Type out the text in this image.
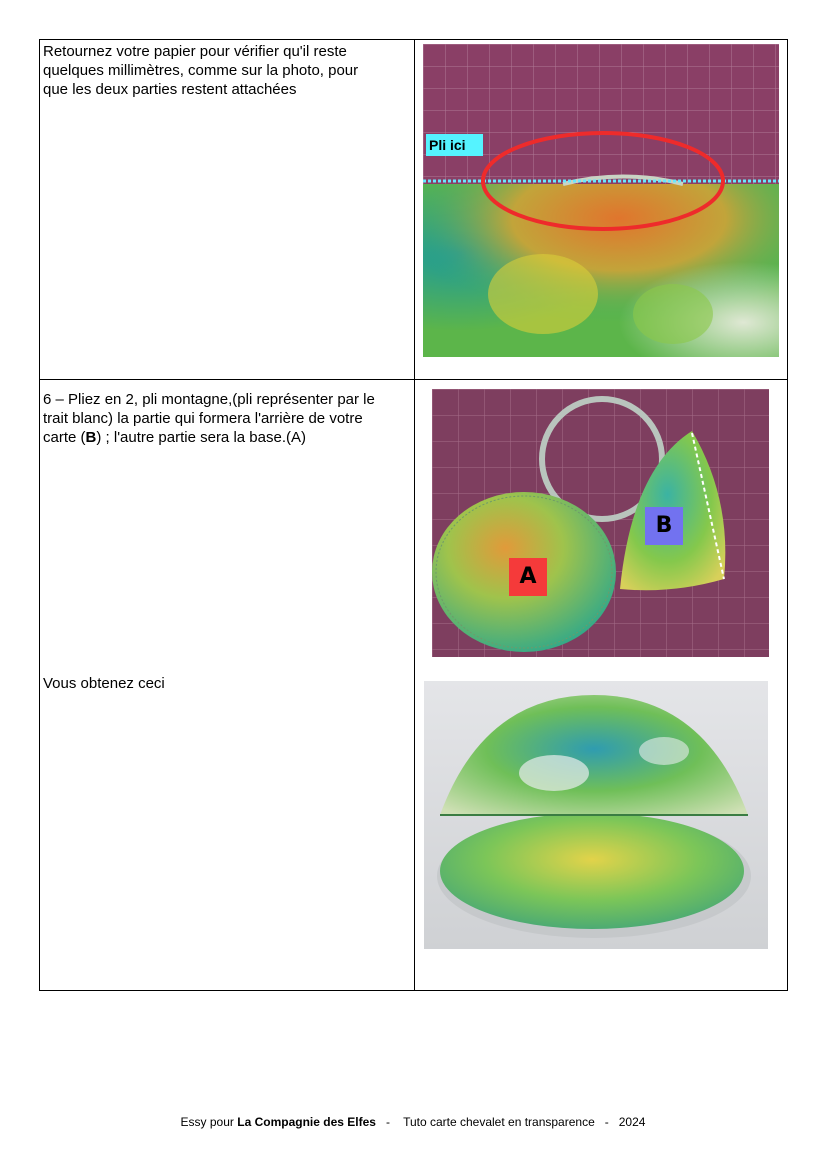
Retournez votre papier pour vérifier qu'il reste quelques millimètres, comme sur la photo, pour que les deux parties restent attachées
Pli ici
6 – Pliez en 2, pli montagne,(pli représenter par le trait blanc) la partie qui formera l'arrière de votre carte (B) ; l'autre partie sera la base.(A)
Vous obtenez ceci
A
B
Essy pour La Compagnie des Elfes   -    Tuto carte chevalet en transparence   -   2024
